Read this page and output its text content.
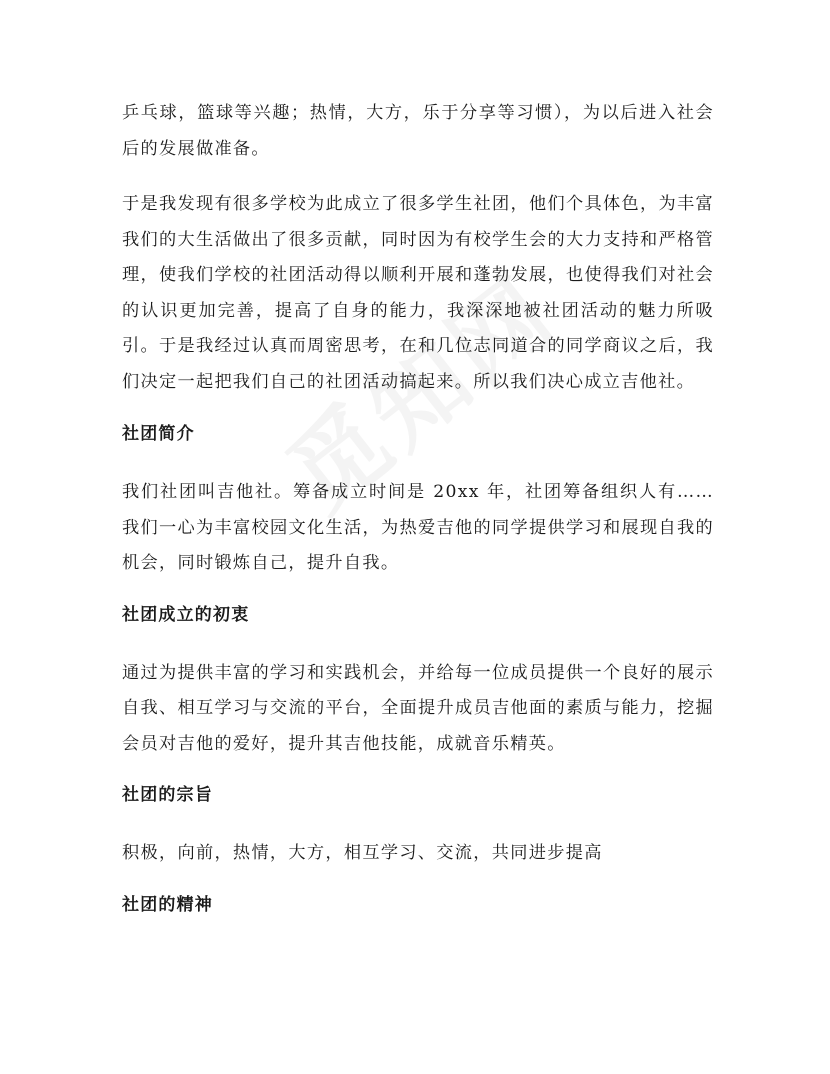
乒乓球，篮球等兴趣；热情，大方，乐于分享等习惯），为以后进入社会后的发展做准备。

于是我发现有很多学校为此成立了很多学生社团，他们个具体色，为丰富我们的大生活做出了很多贡献，同时因为有校学生会的大力支持和严格管理，使我们学校的社团活动得以顺利开展和蓬勃发展，也使得我们对社会的认识更加完善，提高了自身的能力，我深深地被社团活动的魅力所吸引。于是我经过认真而周密思考，在和几位志同道合的同学商议之后，我们决定一起把我们自己的社团活动搞起来。所以我们决心成立吉他社。

社团简介

我们社团叫吉他社。筹备成立时间是 20xx 年，社团筹备组织人有……我们一心为丰富校园文化生活，为热爱吉他的同学提供学习和展现自我的机会，同时锻炼自己，提升自我。

社团成立的初衷

通过为提供丰富的学习和实践机会，并给每一位成员提供一个良好的展示自我、相互学习与交流的平台，全面提升成员吉他面的素质与能力，挖掘会员对吉他的爱好，提升其吉他技能，成就音乐精英。

社团的宗旨

积极，向前，热情，大方，相互学习、交流，共同进步提高

社团的精神
